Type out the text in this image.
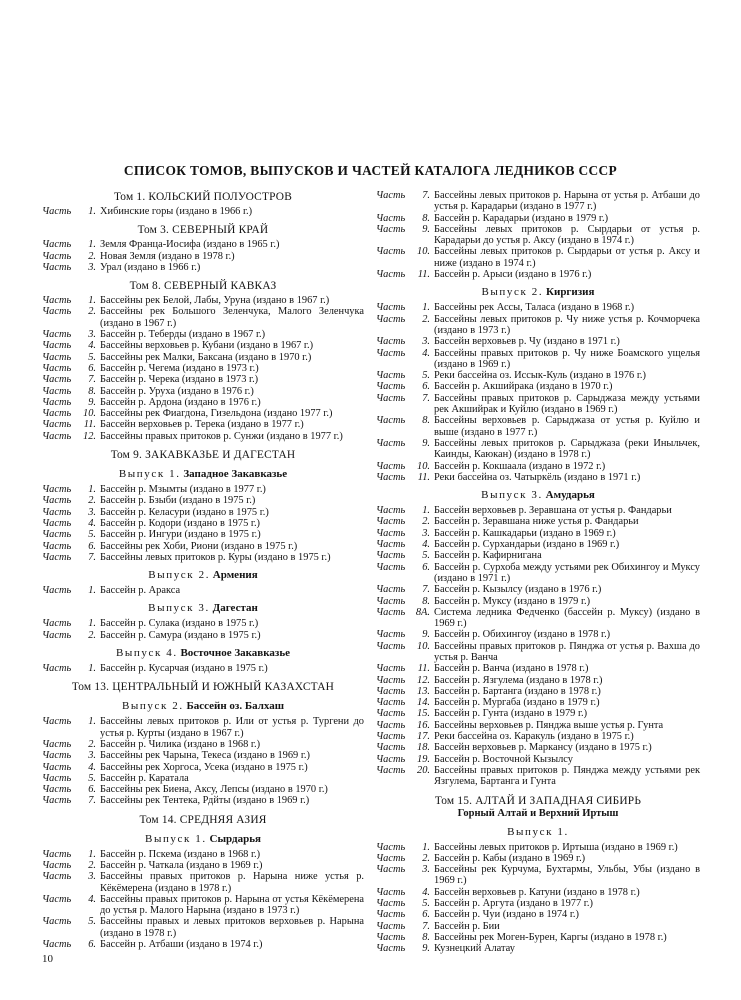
СПИСОК ТОМОВ, ВЫПУСКОВ И ЧАСТЕЙ КАТАЛОГА ЛЕДНИКОВ СССР
Том 1. КОЛЬСКИЙ ПОЛУОСТРОВ
Часть	1. Хибинские горы (издано в 1966 г.)
Том 3. СЕВЕРНЫЙ КРАЙ
Часть	1. Земля Франца-Иосифа (издано в 1965 г.)
Часть	2. Новая Земля (издано в 1978 г.)
Часть	3. Урал (издано в 1966 г.)
Том 8. СЕВЕРНЫЙ КАВКАЗ
Часть	1. Бассейны рек Белой, Лабы, Уруна (издано в 1967 г.)
Часть	2. Бассейны рек Большого Зеленчука, Малого Зеленчука (издано в 1967 г.)
Часть	3. Бассейн р. Теберды (издано в 1967 г.)
Часть	4. Бассейны верховьев р. Кубани (издано в 1967 г.)
Часть	5. Бассейны рек Малки, Баксана (издано в 1970 г.)
Часть	6. Бассейн р. Чегема (издано в 1973 г.)
Часть	7. Бассейн р. Черека (издано в 1973 г.)
Часть	8. Бассейн р. Уруха (издано в 1976 г.)
Часть	9. Бассейн р. Ардона (издано в 1976 г.)
Часть	10. Бассейны рек Фиагдона, Гизельдона (издано 1977 г.)
Часть	11. Бассейн верховьев р. Терека (издано в 1977 г.)
Часть	12. Бассейны правых притоков р. Сунжи (издано в 1977 г.)
Том 9. ЗАКАВКАЗЬЕ И ДАГЕСТАН
Выпуск 1. Западное Закавказье
Часть	1. Бассейн р. Мзымты (издано в 1977 г.)
Часть	2. Бассейн р. Бзыби (издано в 1975 г.)
Часть	3. Бассейн р. Келасури (издано в 1975 г.)
Часть	4. Бассейн р. Кодори (издано в 1975 г.)
Часть	5. Бассейн р. Ингури (издано в 1975 г.)
Часть	6. Бассейны рек Хоби, Риони (издано в 1975 г.)
Часть	7. Бассейны левых притоков р. Куры (издано в 1975 г.)
Выпуск 2. Армения
Часть	1. Бассейн р. Аракса
Выпуск 3. Дагестан
Часть	1. Бассейн р. Сулака (издано в 1975 г.)
Часть	2. Бассейн р. Самура (издано в 1975 г.)
Выпуск 4. Восточное Закавказье
Часть	1. Бассейн р. Кусарчая (издано в 1975 г.)
Том 13. ЦЕНТРАЛЬНЫЙ И ЮЖНЫЙ КАЗАХСТАН
Выпуск 2. Бассейн оз. Балхаш
Часть	1. Бассейны левых притоков р. Или от устья р. Тургени до устья р. Курты (издано в 1967 г.)
Часть	2. Бассейн р. Чилика (издано в 1968 г.)
Часть	3. Бассейны рек Чарына, Текеса (издано в 1969 г.)
Часть	4. Бассейны рек Хоргоса, Усека (издано в 1975 г.)
Часть	5. Бассейн р. Каратала
Часть	6. Бассейны рек Биена, Аксу, Лепсы (издано в 1970 г.)
Часть	7. Бассейны рек Тентека, Рдйты (издано в 1969 г.)
Том 14. СРЕДНЯЯ АЗИЯ
Выпуск 1. Сырдарья
Часть	1. Бассейн р. Пскема (издано в 1968 г.)
Часть	2. Бассейн р. Чаткала (издано в 1969 г.)
Часть	3. Бассейны правых притоков р. Нарына ниже устья р. Кёкёмерена (издано в 1978 г.)
Часть	4. Бассейны правых притоков р. Нарына от устья Кёкёмерена до устья р. Малого Нарына (издано в 1973 г.)
Часть	5. Бассейны правых и левых притоков верховьев р. Нарына (издано в 1978 г.)
Часть	6. Бассейн р. Атбаши (издано в 1974 г.)
Часть	7. Бассейны левых притоков р. Нарына от устья р. Атбаши до устья р. Карадарьи (издано в 1977 г.)
Часть	8. Бассейн р. Карадарьи (издано в 1979 г.)
Часть	9. Бассейны левых притоков р. Сырдарьи от устья р. Карадарьи до устья р. Аксу (издано в 1974 г.)
Часть	10. Бассейны левых притоков р. Сырдарьи от устья р. Аксу и ниже (издано в 1974 г.)
Часть	11. Бассейн р. Арыси (издано в 1976 г.)
Выпуск 2. Киргизия
Часть	1. Бассейны рек Ассы, Таласа (издано в 1968 г.)
Часть	2. Бассейны левых притоков р. Чу ниже устья р. Кочморчека (издано в 1973 г.)
Часть	3. Бассейн верховьев р. Чу (издано в 1971 г.)
Часть	4. Бассейны правых притоков р. Чу ниже Боамского ущелья (издано в 1969 г.)
Часть	5. Реки бассейна оз. Иссык-Куль (издано в 1976 г.)
Часть	6. Бассейн р. Акшийрака (издано в 1970 г.)
Часть	7. Бассейны правых притоков р. Сарыджаза между устьями рек Акшийрак и Куйлю (издано в 1969 г.)
Часть	8. Бассейны верховьев р. Сарыджаза от устья р. Куйлю и выше (издано в 1977 г.)
Часть	9. Бассейны левых притоков р. Сарыджаза (реки Иныльчек, Каинды, Каюкан) (издано в 1978 г.)
Часть	10. Бассейн р. Кокшаала (издано в 1972 г.)
Часть	11. Реки бассейна оз. Чатыркёль (издано в 1971 г.)
Выпуск 3. Амударья
Часть	1. Бассейн верховьев р. Зеравшана от устья р. Фандарьи
Часть	2. Бассейн р. Зеравшана ниже устья р. Фандарьи
Часть	3. Бассейн р. Кашкадарьи (издано в 1969 г.)
Часть	4. Бассейн р. Сурхандарьи (издано в 1969 г.)
Часть	5. Бассейн р. Кафирнигана
Часть	6. Бассейн р. Сурхоба между устьями рек Обихингоу и Муксу (издано в 1971 г.)
Часть	7. Бассейн р. Кызылсу (издано в 1976 г.)
Часть	8. Бассейн р. Муксу (издано в 1979 г.)
Часть	8А. Система ледника Федченко (бассейн р. Муксу) (издано в 1969 г.)
Часть	9. Бассейн р. Обихингоу (издано в 1978 г.)
Часть	10. Бассейны правых притоков р. Пянджа от устья р. Вахша до устья р. Ванча
Часть	11. Бассейн р. Ванча (издано в 1978 г.)
Часть	12. Бассейн р. Язгулема (издано в 1978 г.)
Часть	13. Бассейн р. Бартанга (издано в 1978 г.)
Часть	14. Бассейн р. Мургаба (издано в 1979 г.)
Часть	15. Бассейн р. Гунта (издано в 1979 г.)
Часть	16. Бассейны верховьев р. Пянджа выше устья р. Гунта
Часть	17. Реки бассейна оз. Каракуль (издано в 1975 г.)
Часть	18. Бассейн верховьев р. Маркансу (издано в 1975 г.)
Часть	19. Бассейн р. Восточной Кызылсу
Часть	20. Бассейны правых притоков р. Пянджа между устьями рек Язгулема, Бартанга и Гунта
Том 15. АЛТАЙ И ЗАПАДНАЯ СИБИРЬ
Горный Алтай и Верхний Иртыш
Выпуск 1.
Часть	1. Бассейны левых притоков р. Иртыша (издано в 1969 г.)
Часть	2. Бассейн р. Кабы (издано в 1969 г.)
Часть	3. Бассейны рек Курчума, Бухтармы, Ульбы, Убы (издано в 1969 г.)
Часть	4. Бассейн верховьев р. Катуни (издано в 1978 г.)
Часть	5. Бассейн р. Аргута (издано в 1977 г.)
Часть	6. Бассейн р. Чуи (издано в 1974 г.)
Часть	7. Бассейн р. Бии
Часть	8. Бассейны рек Моген-Бурен, Каргы (издано в 1978 г.)
Часть	9. Кузнецкий Алатау
10
